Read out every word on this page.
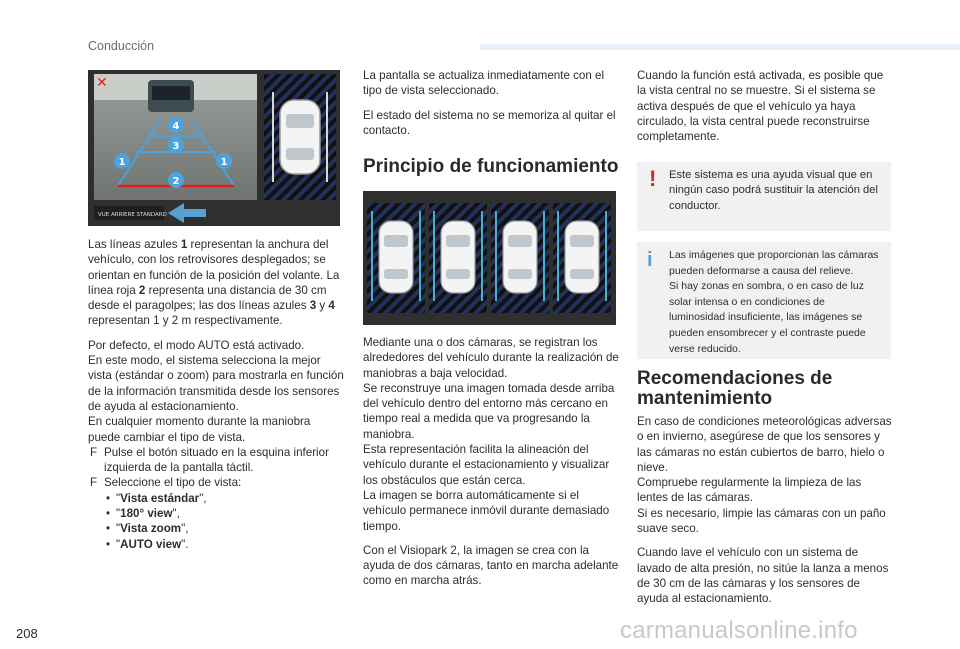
Conducción
✕
4
3
1	1
2
VUE ARRIERE STANDARD

Las líneas azules 1 representan la anchura del vehículo, con los retrovisores desplegados; se orientan en función de la posición del volante. La línea roja 2 representa una distancia de 30 cm desde el paragolpes; las dos líneas azules 3 y 4 representan 1 y 2 m respectivamente.

Por defecto, el modo AUTO está activado.
En este modo, el sistema selecciona la mejor vista (estándar o zoom) para mostrarla en función de la información transmitida desde los sensores de ayuda al estacionamiento.
En cualquier momento durante la maniobra puede cambiar el tipo de vista.
F Pulse el botón situado en la esquina inferior izquierda de la pantalla táctil.
F Seleccione el tipo de vista:
• "Vista estándar",
• "180° view",
• "Vista zoom",
• "AUTO view".

La pantalla se actualiza inmediatamente con el tipo de vista seleccionado.

El estado del sistema no se memoriza al quitar el contacto.

Principio de funcionamiento

Mediante una o dos cámaras, se registran los alrededores del vehículo durante la realización de maniobras a baja velocidad.
Se reconstruye una imagen tomada desde arriba del vehículo dentro del entorno más cercano en tiempo real a medida que va progresando la maniobra.
Esta representación facilita la alineación del vehículo durante el estacionamiento y visualizar los obstáculos que están cerca.
La imagen se borra automáticamente si el vehículo permanece inmóvil durante demasiado tiempo.

Con el Visiopark 2, la imagen se crea con la ayuda de dos cámaras, tanto en marcha adelante como en marcha atrás.

Cuando la función está activada, es posible que la vista central no se muestre. Si el sistema se activa después de que el vehículo ya haya circulado, la vista central puede reconstruirse completamente.

! Este sistema es una ayuda visual que en ningún caso podrá sustituir la atención del conductor.
i Las imágenes que proporcionan las cámaras pueden deformarse a causa del relieve.
Si hay zonas en sombra, o en caso de luz solar intensa o en condiciones de luminosidad insuficiente, las imágenes se pueden ensombrecer y el contraste puede verse reducido.
Recomendaciones de mantenimiento

En caso de condiciones meteorológicas adversas o en invierno, asegúrese de que los sensores y las cámaras no están cubiertos de barro, hielo o nieve.
Compruebe regularmente la limpieza de las lentes de las cámaras.
Si es necesario, limpie las cámaras con un paño suave seco.

Cuando lave el vehículo con un sistema de lavado de alta presión, no sitúe la lanza a menos de 30 cm de las cámaras y los sensores de ayuda al estacionamiento.

208	carmanualsonline.info
